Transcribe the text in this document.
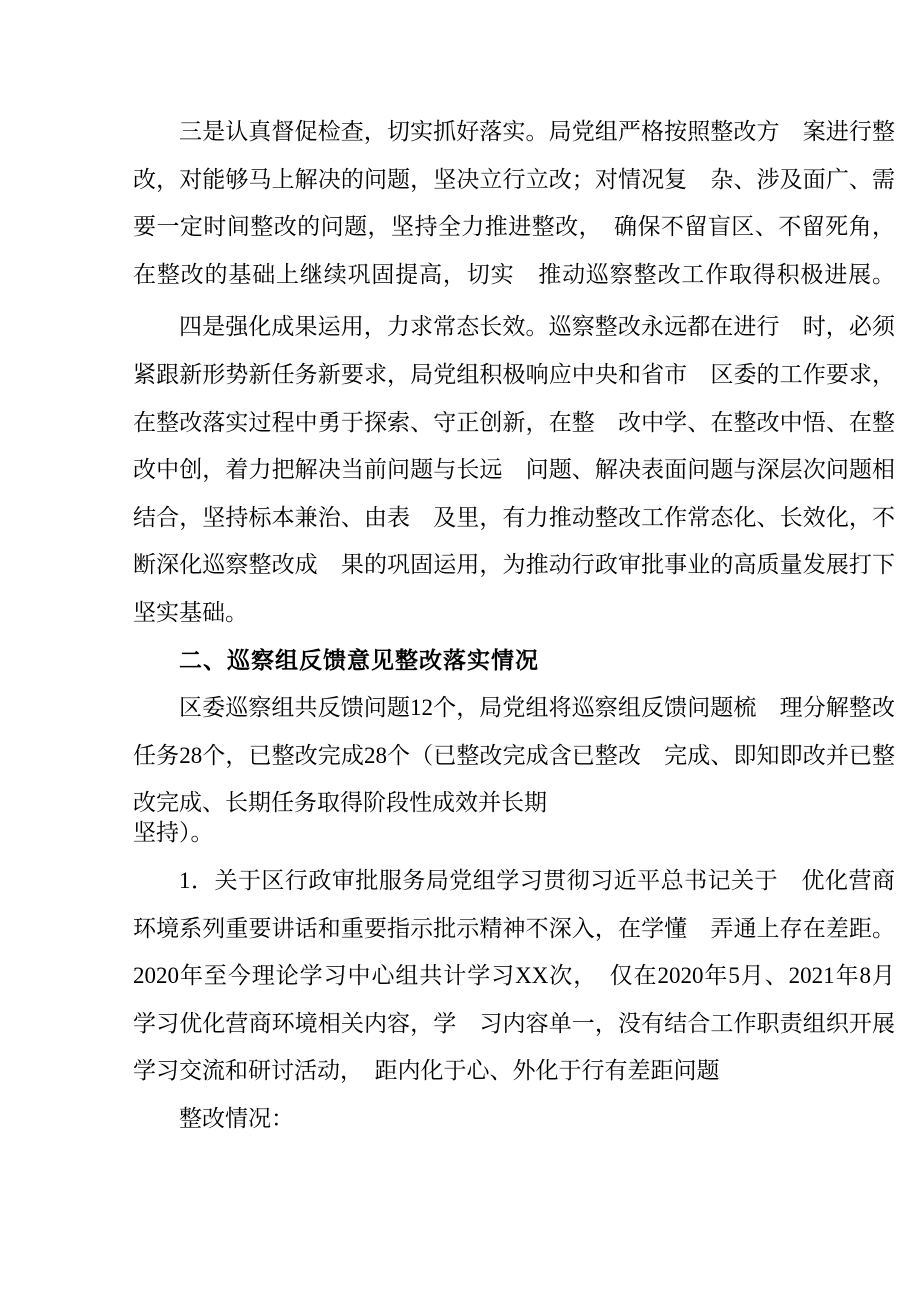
三是认真督促检查，切实抓好落实。局党组严格按照整改方　案进行整
改，对能够马上解决的问题，坚决立行立改；对情况复　杂、涉及面广、需
要一定时间整改的问题，坚持全力推进整改，　确保不留盲区、不留死角，
在整改的基础上继续巩固提高，切实　推动巡察整改工作取得积极进展。
四是强化成果运用，力求常态长效。巡察整改永远都在进行　时，必须
紧跟新形势新任务新要求，局党组积极响应中央和省市　区委的工作要求，
在整改落实过程中勇于探索、守正创新，在整　改中学、在整改中悟、在整
改中创，着力把解决当前问题与长远　问题、解决表面问题与深层次问题相
结合，坚持标本兼治、由表　及里，有力推动整改工作常态化、长效化，不
断深化巡察整改成　果的巩固运用，为推动行政审批事业的高质量发展打下
坚实基础。
二、巡察组反馈意见整改落实情况
区委巡察组共反馈问题12个，局党组将巡察组反馈问题梳　理分解整改
任务28个，已整改完成28个（已整改完成含已整改　完成、即知即改并已整
改完成、长期任务取得阶段性成效并长期
坚持）。
1．关于区行政审批服务局党组学习贯彻习近平总书记关于　优化营商
环境系列重要讲话和重要指示批示精神不深入，在学懂　弄通上存在差距。
2020年至今理论学习中心组共计学习XX次，　仅在2020年5月、2021年8月
学习优化营商环境相关内容，学　习内容单一，没有结合工作职责组织开展
学习交流和研讨活动，　距内化于心、外化于行有差距问题
整改情况：
